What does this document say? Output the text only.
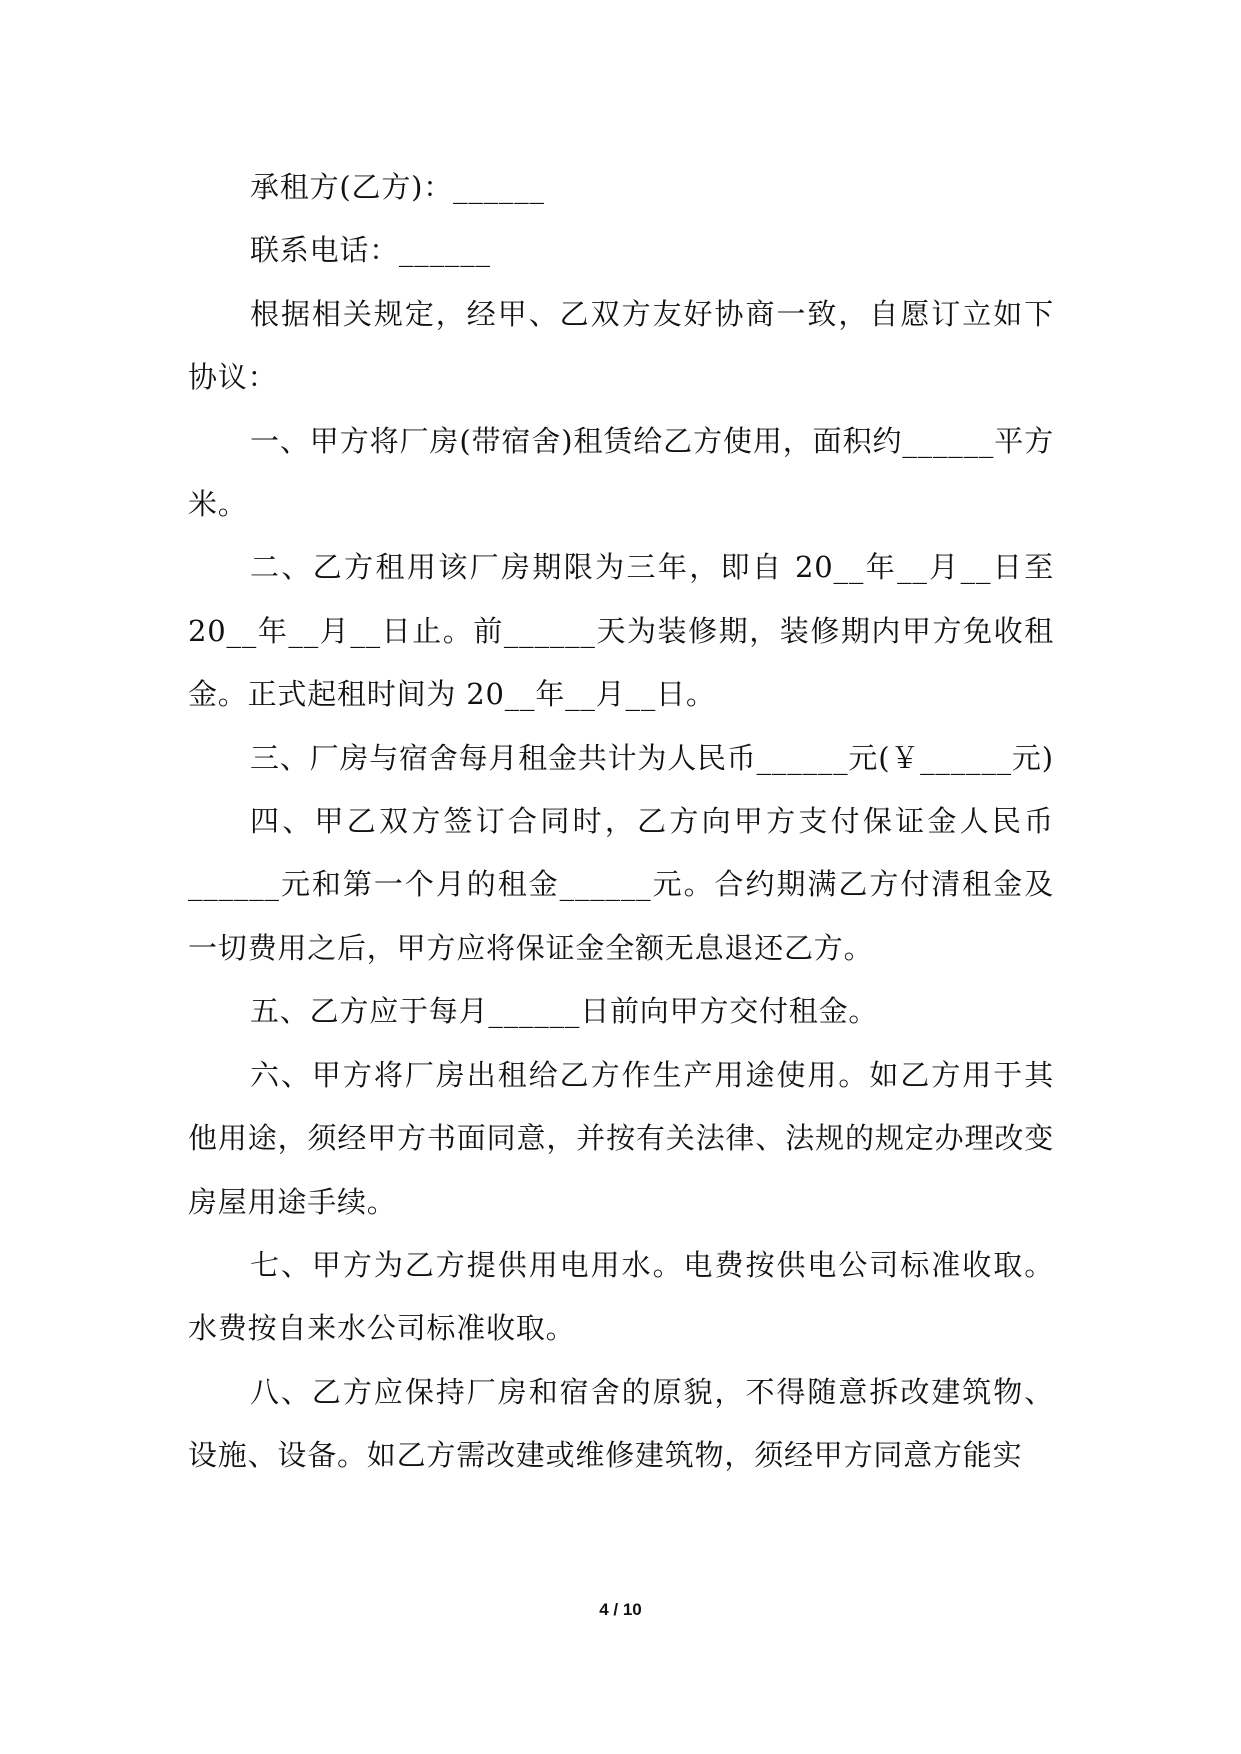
承租方(乙方)：______

联系电话：______

根据相关规定，经甲、乙双方友好协商一致，自愿订立如下协议：

一、甲方将厂房(带宿舍)租赁给乙方使用，面积约______平方米。

二、乙方租用该厂房期限为三年，即自 20__年__月__日至 20__年__月__日止。前______天为装修期，装修期内甲方免收租金。正式起租时间为 20__年__月__日。

三、厂房与宿舍每月租金共计为人民币______元(￥______元)

四、甲乙双方签订合同时，乙方向甲方支付保证金人民币______元和第一个月的租金______元。合约期满乙方付清租金及一切费用之后，甲方应将保证金全额无息退还乙方。

五、乙方应于每月______日前向甲方交付租金。

六、甲方将厂房出租给乙方作生产用途使用。如乙方用于其他用途，须经甲方书面同意，并按有关法律、法规的规定办理改变房屋用途手续。

七、甲方为乙方提供用电用水。电费按供电公司标准收取。水费按自来水公司标准收取。

八、乙方应保持厂房和宿舍的原貌，不得随意拆改建筑物、设施、设备。如乙方需改建或维修建筑物，须经甲方同意方能实

4 / 10
